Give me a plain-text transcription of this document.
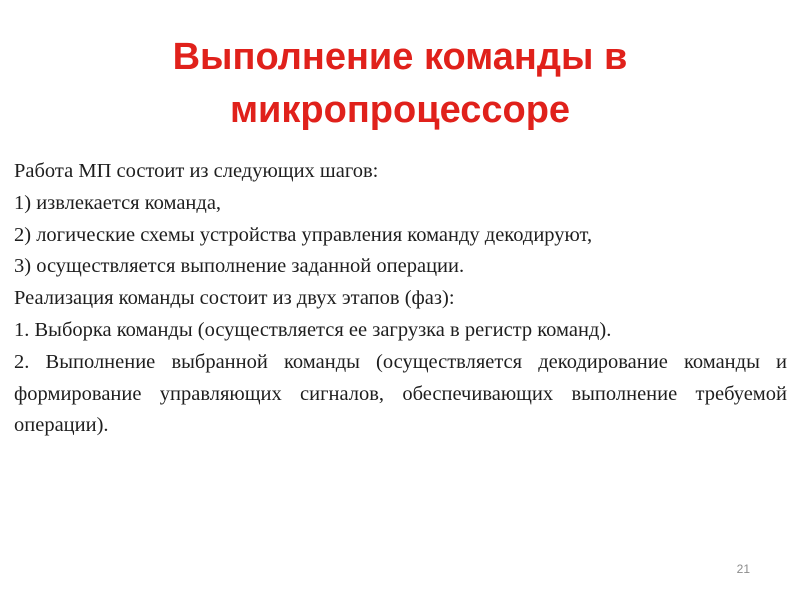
Выполнение команды в
микропроцессоре

Работа МП состоит из следующих шагов:

1) извлекается команда,

2) логические схемы устройства управления команду декодируют,

3) осуществляется выполнение заданной операции.

Реализация команды состоит из двух этапов (фаз):

1. Выборка команды (осуществляется ее загрузка в регистр команд).

2. Выполнение выбранной команды (осуществляется декодирование команды и формирование управляющих сигналов, обеспечивающих выполнение требуемой операции).

21
